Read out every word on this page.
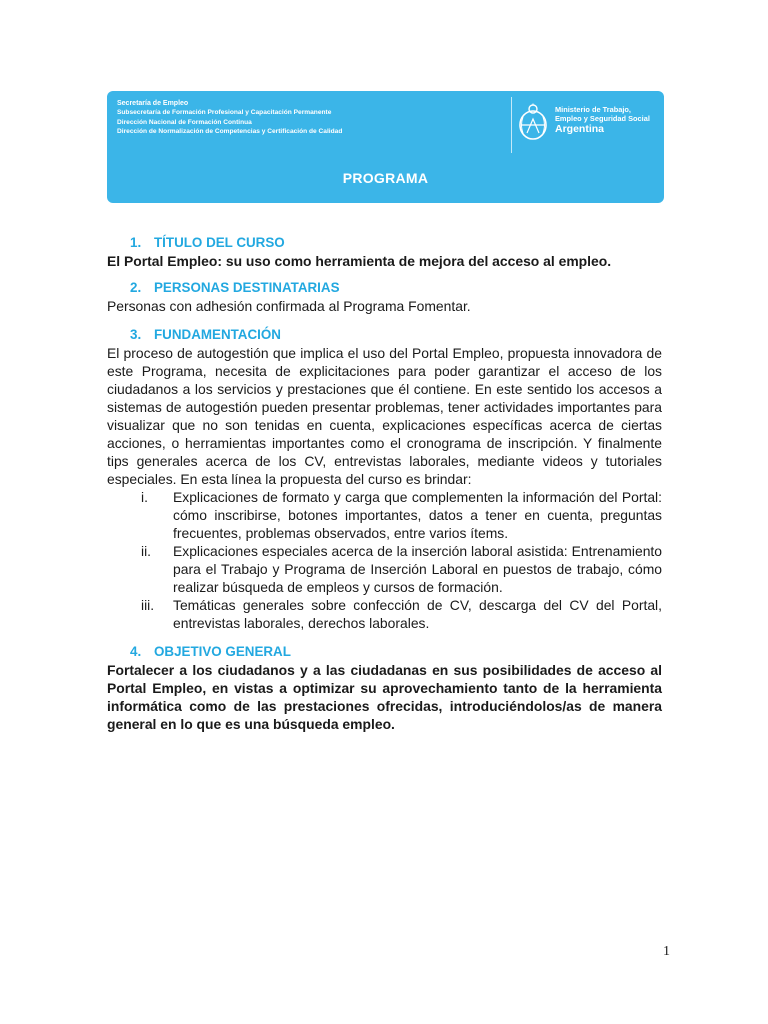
Secretaría de Empleo
Subsecretaría de Formación Profesional y Capacitación Permanente
Dirección Nacional de Formación Continua
Dirección de Normalización de Competencias y Certificación de Calidad
Ministerio de Trabajo,
Empleo y Seguridad Social
Argentina
PROGRAMA
1. TÍTULO DEL CURSO
El Portal Empleo: su uso como herramienta de mejora del acceso al empleo.
2. PERSONAS DESTINATARIAS
Personas con adhesión confirmada al Programa Fomentar.
3. FUNDAMENTACIÓN
El proceso de autogestión que implica el uso del Portal Empleo, propuesta innovadora de este Programa, necesita de explicitaciones para poder garantizar el acceso de los ciudadanos a los servicios y prestaciones que él contiene. En este sentido los accesos a sistemas de autogestión pueden presentar problemas, tener actividades importantes para visualizar que no son tenidas en cuenta, explicaciones específicas acerca de ciertas acciones, o herramientas importantes como el cronograma de inscripción. Y finalmente tips generales acerca de los CV, entrevistas laborales, mediante videos y tutoriales especiales. En esta línea la propuesta del curso es brindar:
i.	Explicaciones de formato y carga que complementen la información del Portal: cómo inscribirse, botones importantes, datos a tener en cuenta, preguntas frecuentes, problemas observados, entre varios ítems.
ii.	Explicaciones especiales acerca de la inserción laboral asistida: Entrenamiento para el Trabajo y Programa de Inserción Laboral en puestos de trabajo, cómo realizar búsqueda de empleos y cursos de formación.
iii.	Temáticas generales sobre confección de CV, descarga del CV del Portal, entrevistas laborales, derechos laborales.
4. OBJETIVO GENERAL
Fortalecer a los ciudadanos y a las ciudadanas en sus posibilidades de acceso al Portal Empleo, en vistas a optimizar su aprovechamiento tanto de la herramienta informática como de las prestaciones ofrecidas, introduciéndolos/as de manera general en lo que es una búsqueda empleo.
1
